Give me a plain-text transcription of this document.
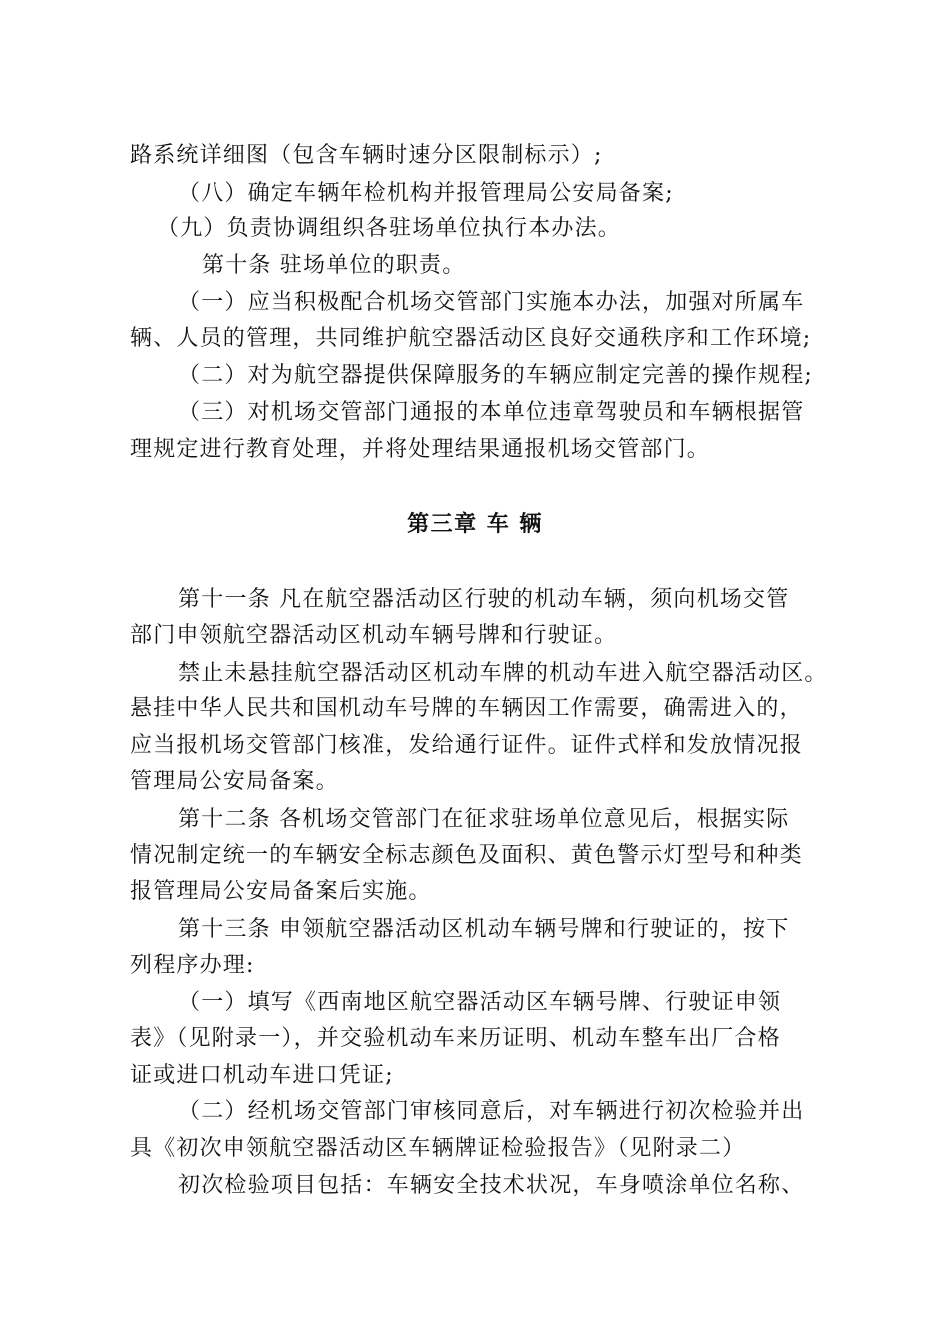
路系统详细图（包含车辆时速分区限制标示）;
（八）确定车辆年检机构并报管理局公安局备案;
（九）负责协调组织各驻场单位执行本办法。
第十条 驻场单位的职责。
（一）应当积极配合机场交管部门实施本办法，加强对所属车
辆、人员的管理，共同维护航空器活动区良好交通秩序和工作环境;
（二）对为航空器提供保障服务的车辆应制定完善的操作规程;
（三）对机场交管部门通报的本单位违章驾驶员和车辆根据管
理规定进行教育处理，并将处理结果通报机场交管部门。
第三章 车 辆
第十一条 凡在航空器活动区行驶的机动车辆，须向机场交管
部门申领航空器活动区机动车辆号牌和行驶证。
禁止未悬挂航空器活动区机动车牌的机动车进入航空器活动区。
悬挂中华人民共和国机动车号牌的车辆因工作需要，确需进入的，
应当报机场交管部门核准，发给通行证件。证件式样和发放情况报
管理局公安局备案。
第十二条 各机场交管部门在征求驻场单位意见后，根据实际
情况制定统一的车辆安全标志颜色及面积、黄色警示灯型号和种类
报管理局公安局备案后实施。
第十三条 申领航空器活动区机动车辆号牌和行驶证的，按下
列程序办理:
（一）填写《西南地区航空器活动区车辆号牌、行驶证申领
表》（见附录一），并交验机动车来历证明、机动车整车出厂合格
证或进口机动车进口凭证;
（二）经机场交管部门审核同意后，对车辆进行初次检验并出
具《初次申领航空器活动区车辆牌证检验报告》（见附录二）
初次检验项目包括：车辆安全技术状况，车身喷涂单位名称、
